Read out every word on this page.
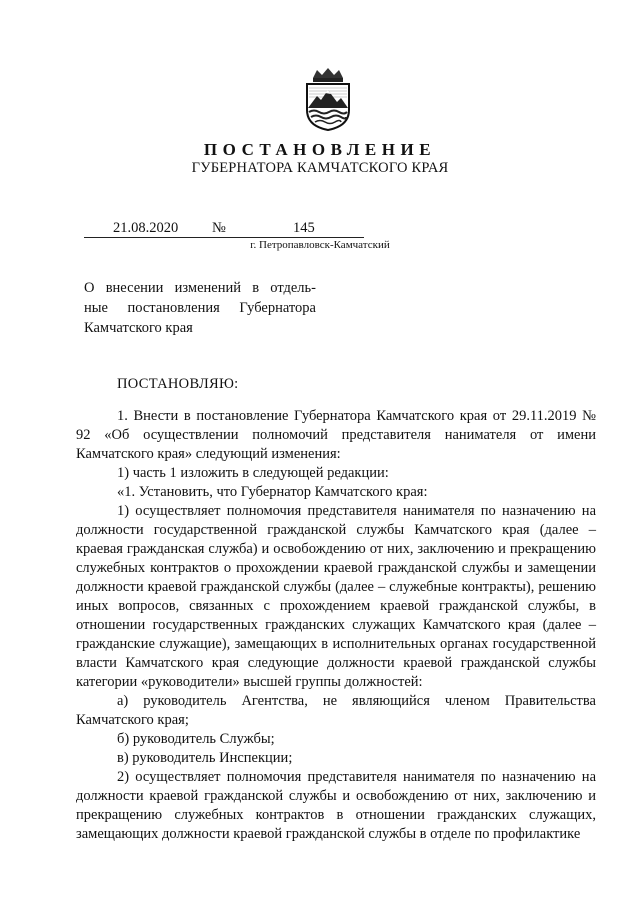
ПОСТАНОВЛЕНИЕ
ГУБЕРНАТОРА КАМЧАТСКОГО КРАЯ
21.08.2020 №	145
г. Петропавловск-Камчатский

О внесении изменений в отдель-

ные постановления Губернатора

Камчатского края

ПОСТАНОВЛЯЮ:

1. Внести в постановление Губернатора Камчатского края от 29.11.2019 № 92 «Об осуществлении полномочий представителя нанимателя от имени Камчатского края» следующий изменения:

1) часть 1 изложить в следующей редакции:

«1. Установить, что Губернатор Камчатского края:

1) осуществляет полномочия представителя нанимателя по назначению на должности государственной гражданской службы Камчатского края (далее – краевая гражданская служба) и освобождению от них, заключению и прекращению служебных контрактов о прохождении краевой гражданской службы и замещении должности краевой гражданской службы (далее – служебные контракты), решению иных вопросов, связанных с прохождением краевой гражданской службы, в отношении государственных гражданских служащих Камчатского края (далее – гражданские служащие), замещающих в исполнительных органах государственной власти Камчатского края следующие должности краевой гражданской службы категории «руководители» высшей группы должностей:

а) руководитель Агентства, не являющийся членом Правительства Камчатского края;

б) руководитель Службы;

в) руководитель Инспекции;

2) осуществляет полномочия представителя нанимателя по назначению на должности краевой гражданской службы и освобождению от них, заключению и прекращению служебных контрактов в отношении гражданских служащих, замещающих должности краевой гражданской службы в отделе по профилактике
